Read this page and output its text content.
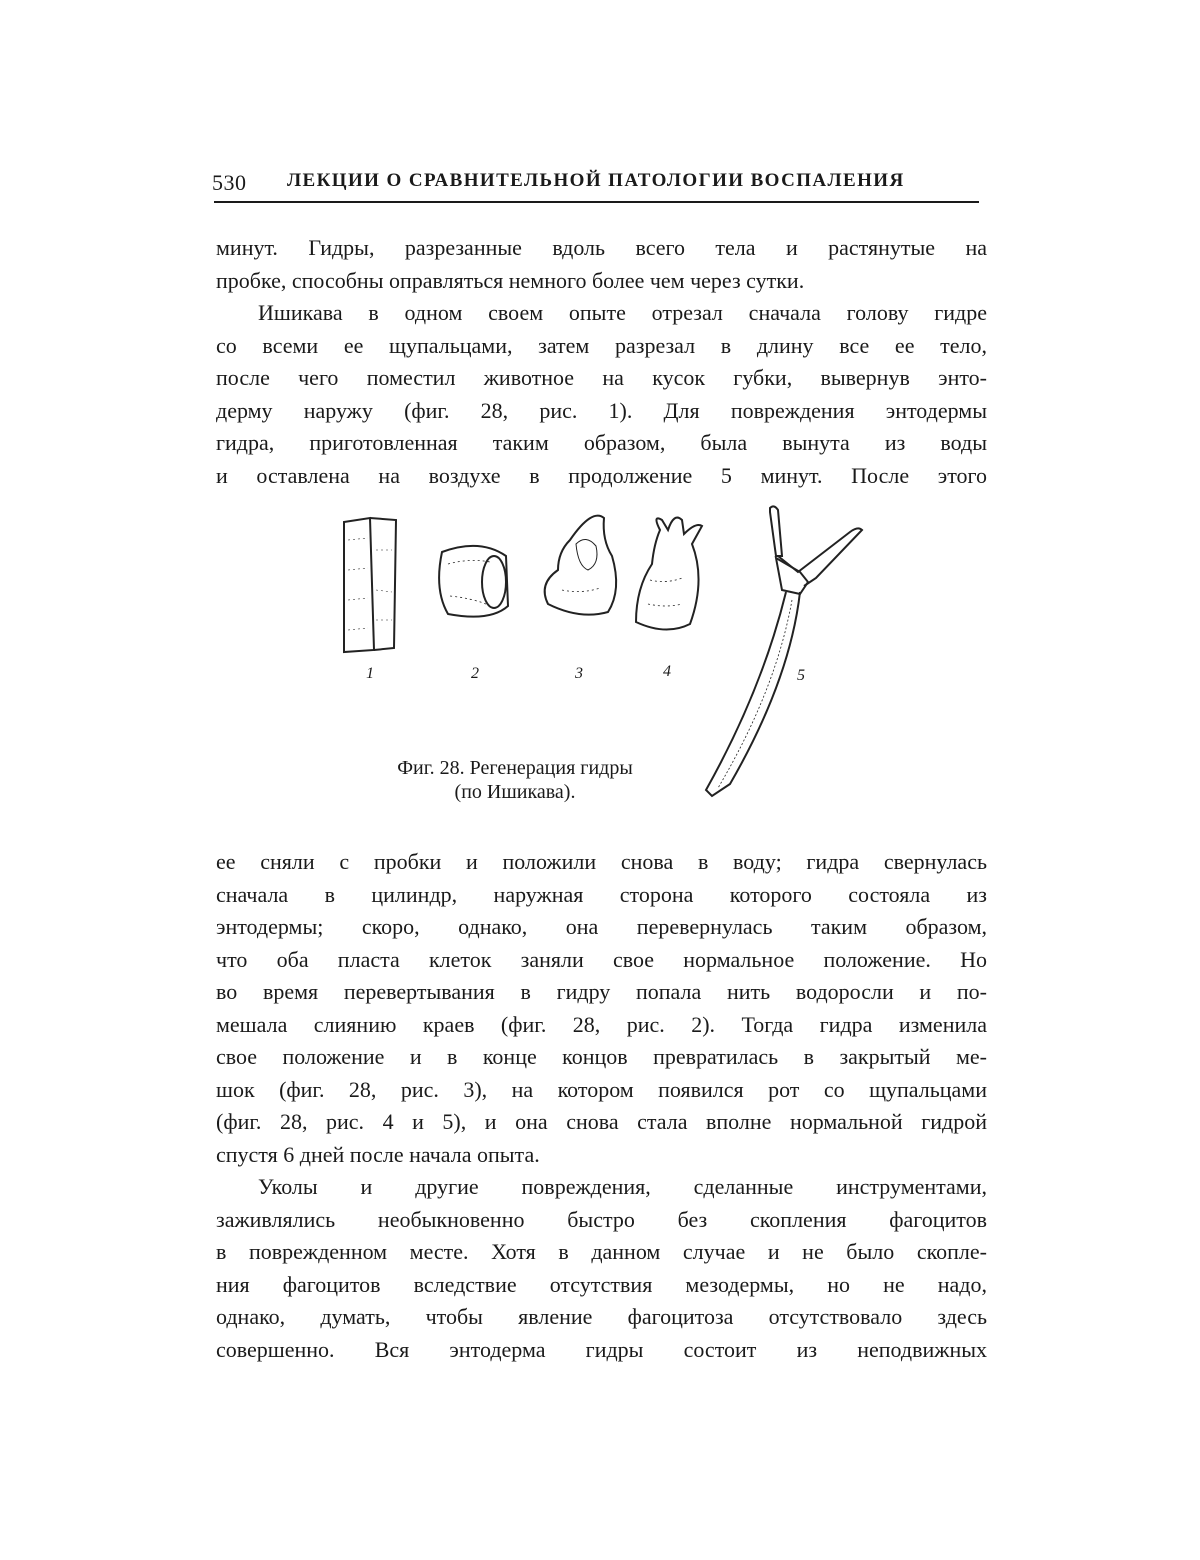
530 ЛЕКЦИИ О СРАВНИТЕЛЬНОЙ ПАТОЛОГИИ ВОСПАЛЕНИЯ
минут. Гидры, разрезанные вдоль всего тела и растянутые на
пробке, способны оправляться немного более чем через сутки.
Ишикава в одном своем опыте отрезал сначала голову гидре
со всеми ее щупальцами, затем разрезал в длину все ее тело,
после чего поместил животное на кусок губки, вывернув энто-
дерму наружу (фиг. 28, рис. 1). Для повреждения энтодермы
гидра, приготовленная таким образом, была вынута из воды
и оставлена на воздухе в продолжение 5 минут. После этого
1	2	3	4	5
Фиг. 28. Регенерация гидры
(по Ишикава).
ее сняли с пробки и положили снова в воду; гидра свернулась
сначала в цилиндр, наружная сторона которого состояла из
энтодермы; скоро, однако, она перевернулась таким образом,
что оба пласта клеток заняли свое нормальное положение. Но
во время перевертывания в гидру попала нить водоросли и по-
мешала слиянию краев (фиг. 28, рис. 2). Тогда гидра изменила
свое положение и в конце концов превратилась в закрытый ме-
шок (фиг. 28, рис. 3), на котором появился рот со щупальцами
(фиг. 28, рис. 4 и 5), и она снова стала вполне нормальной гидрой
спустя 6 дней после начала опыта.
Уколы и другие повреждения, сделанные инструментами,
заживлялись необыкновенно быстро без скопления фагоцитов
в поврежденном месте. Хотя в данном случае и не было скопле-
ния фагоцитов вследствие отсутствия мезодермы, но не надо,
однако, думать, чтобы явление фагоцитоза отсутствовало здесь
совершенно. Вся энтодерма гидры состоит из неподвижных
